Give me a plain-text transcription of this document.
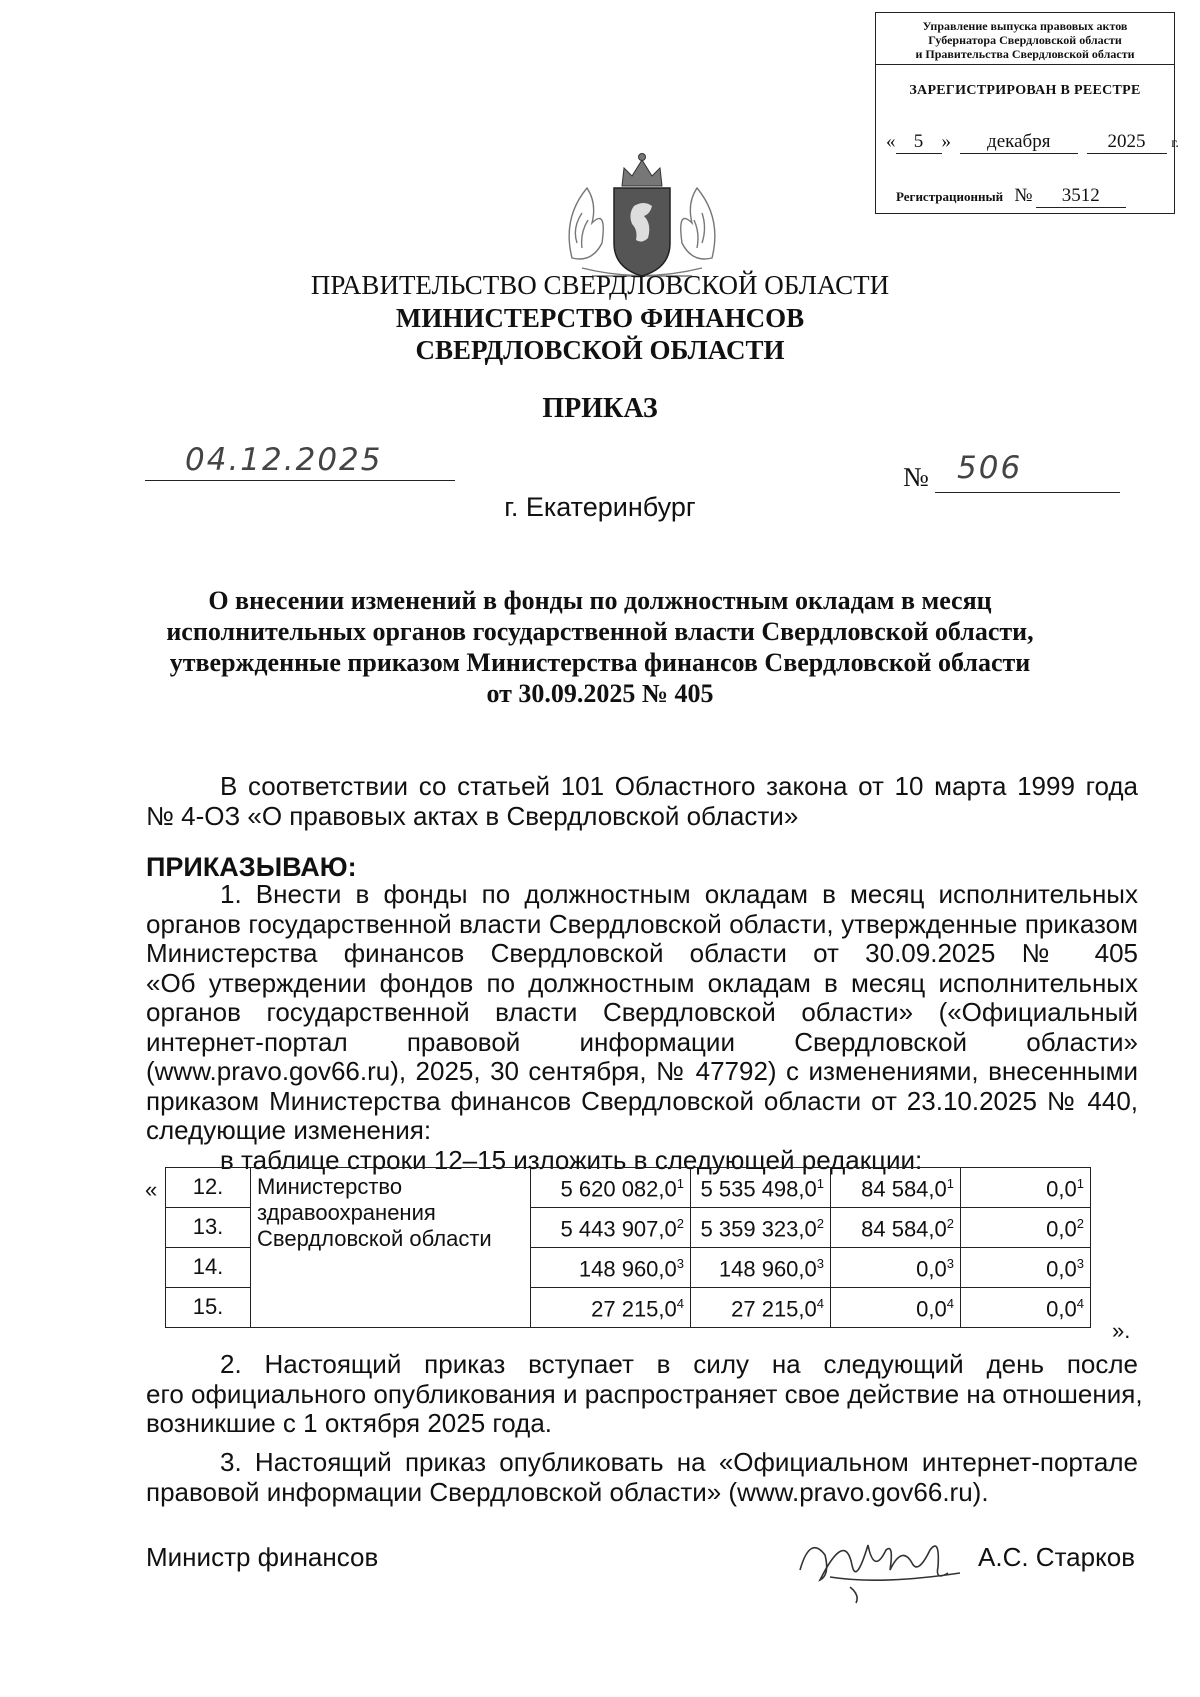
Управление выпуска правовых актов
Губернатора Свердловской области
и Правительства Свердловской области
ЗАРЕГИСТРИРОВАН В РЕЕСТРЕ
« 5 » декабря	2025 г.
Регистрационный № 3512
ПРАВИТЕЛЬСТВО СВЕРДЛОВСКОЙ ОБЛАСТИ
МИНИСТЕРСТВО ФИНАНСОВ
СВЕРДЛОВСКОЙ ОБЛАСТИ
ПРИКАЗ
04.12.2025	№ 506
г. Екатеринбург
О внесении изменений в фонды по должностным окладам в месяц
исполнительных органов государственной власти Свердловской области,
утвержденные приказом Министерства финансов Свердловской области
от 30.09.2025 № 405
В соответствии со статьей 101 Областного закона от 10 марта 1999 года
№ 4-ОЗ «О правовых актах в Свердловской области»
ПРИКАЗЫВАЮ:
1. Внести в фонды по должностным окладам в месяц исполнительных
органов государственной власти Свердловской области, утвержденные приказом
Министерства финансов Свердловской области от 30.09.2025 № 405
«Об утверждении фондов по должностным окладам в месяц исполнительных
органов государственной власти Свердловской области» («Официальный
интернет-портал правовой информации Свердловской области»
(www.pravo.gov66.ru), 2025, 30 сентября, № 47792) с изменениями, внесенными
приказом Министерства финансов Свердловской области от 23.10.2025 № 440,
следующие изменения:
в таблице строки 12–15 изложить в следующей редакции:
« 12.	Министерство здравоохранения Свердловской области	5 620 082,0$^1$	5 535 498,0$^1$	84 584,0$^1$	$0,0^1$
13.		5 443 907,0$^2$	5 359 323,0$^2$	84 584,0$^2$	$0,0^2$
14.		148 960,0$^3$	148 960,0$^3$	$0,0^3$	$0,0^3$
15.		27 215,0$^4$	27 215,0$^4$	$0,0^4$	$0,0^4$
».
2. Настоящий приказ вступает в силу на следующий день после
его официального опубликования и распространяет свое действие на отношения,
возникшие с 1 октября 2025 года.
3. Настоящий приказ опубликовать на «Официальном интернет-портале
правовой информации Свердловской области» (www.pravo.gov66.ru).
Министр финансов	А.С. Старков
